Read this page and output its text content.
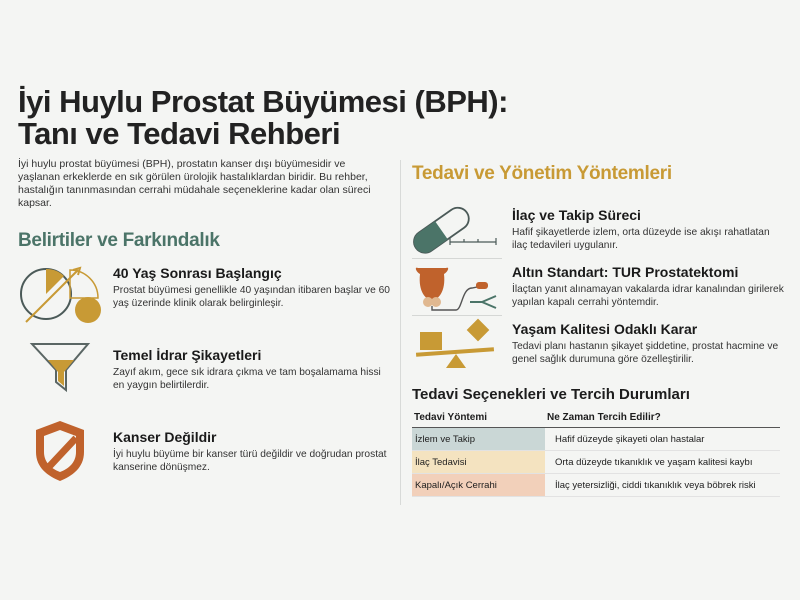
İyi Huylu Prostat Büyümesi (BPH):
Tanı ve Tedavi Rehberi

İyi huylu prostat büyümesi (BPH), prostatın kanser dışı büyümesidir ve yaşlanan erkeklerde en sık görülen ürolojik hastalıklardan biridir. Bu rehber, hastalığın tanınmasından cerrahi müdahale seçeneklerine kadar olan süreci kapsar.

Belirtiler ve Farkındalık
40 Yaş Sonrası Başlangıç

Prostat büyümesi genellikle 40 yaşından itibaren başlar ve 60 yaş üzerinde klinik olarak belirginleşir.

Temel İdrar Şikayetleri

Zayıf akım, gece sık idrara çıkma ve tam boşalamama hissi en yaygın belirtilerdir.

Kanser Değildir

İyi huylu büyüme bir kanser türü değildir ve doğrudan prostat kanserine dönüşmez.

Tedavi ve Yönetim Yöntemleri
İlaç ve Takip Süreci

Hafif şikayetlerde izlem, orta düzeyde ise akışı rahatlatan ilaç tedavileri uygulanır.

Altın Standart: TUR Prostatektomi

İlaçtan yanıt alınamayan vakalarda idrar kanalından girilerek yapılan kapalı cerrahi yöntemdir.

Yaşam Kalitesi Odaklı Karar

Tedavi planı hastanın şikayet şiddetine, prostat hacmine ve genel sağlık durumuna göre özelleştirilir.

Tedavi Seçenekleri ve Tercih Durumları
Tedavi Yöntemi	Ne Zaman Tercih Edilir?
İzlem ve Takip	Hafif düzeyde şikayeti olan hastalar
İlaç Tedavisi	Orta düzeyde tıkanıklık ve yaşam kalitesi kaybı
Kapalı/Açık Cerrahi	İlaç yetersizliği, ciddi tıkanıklık veya böbrek riski
